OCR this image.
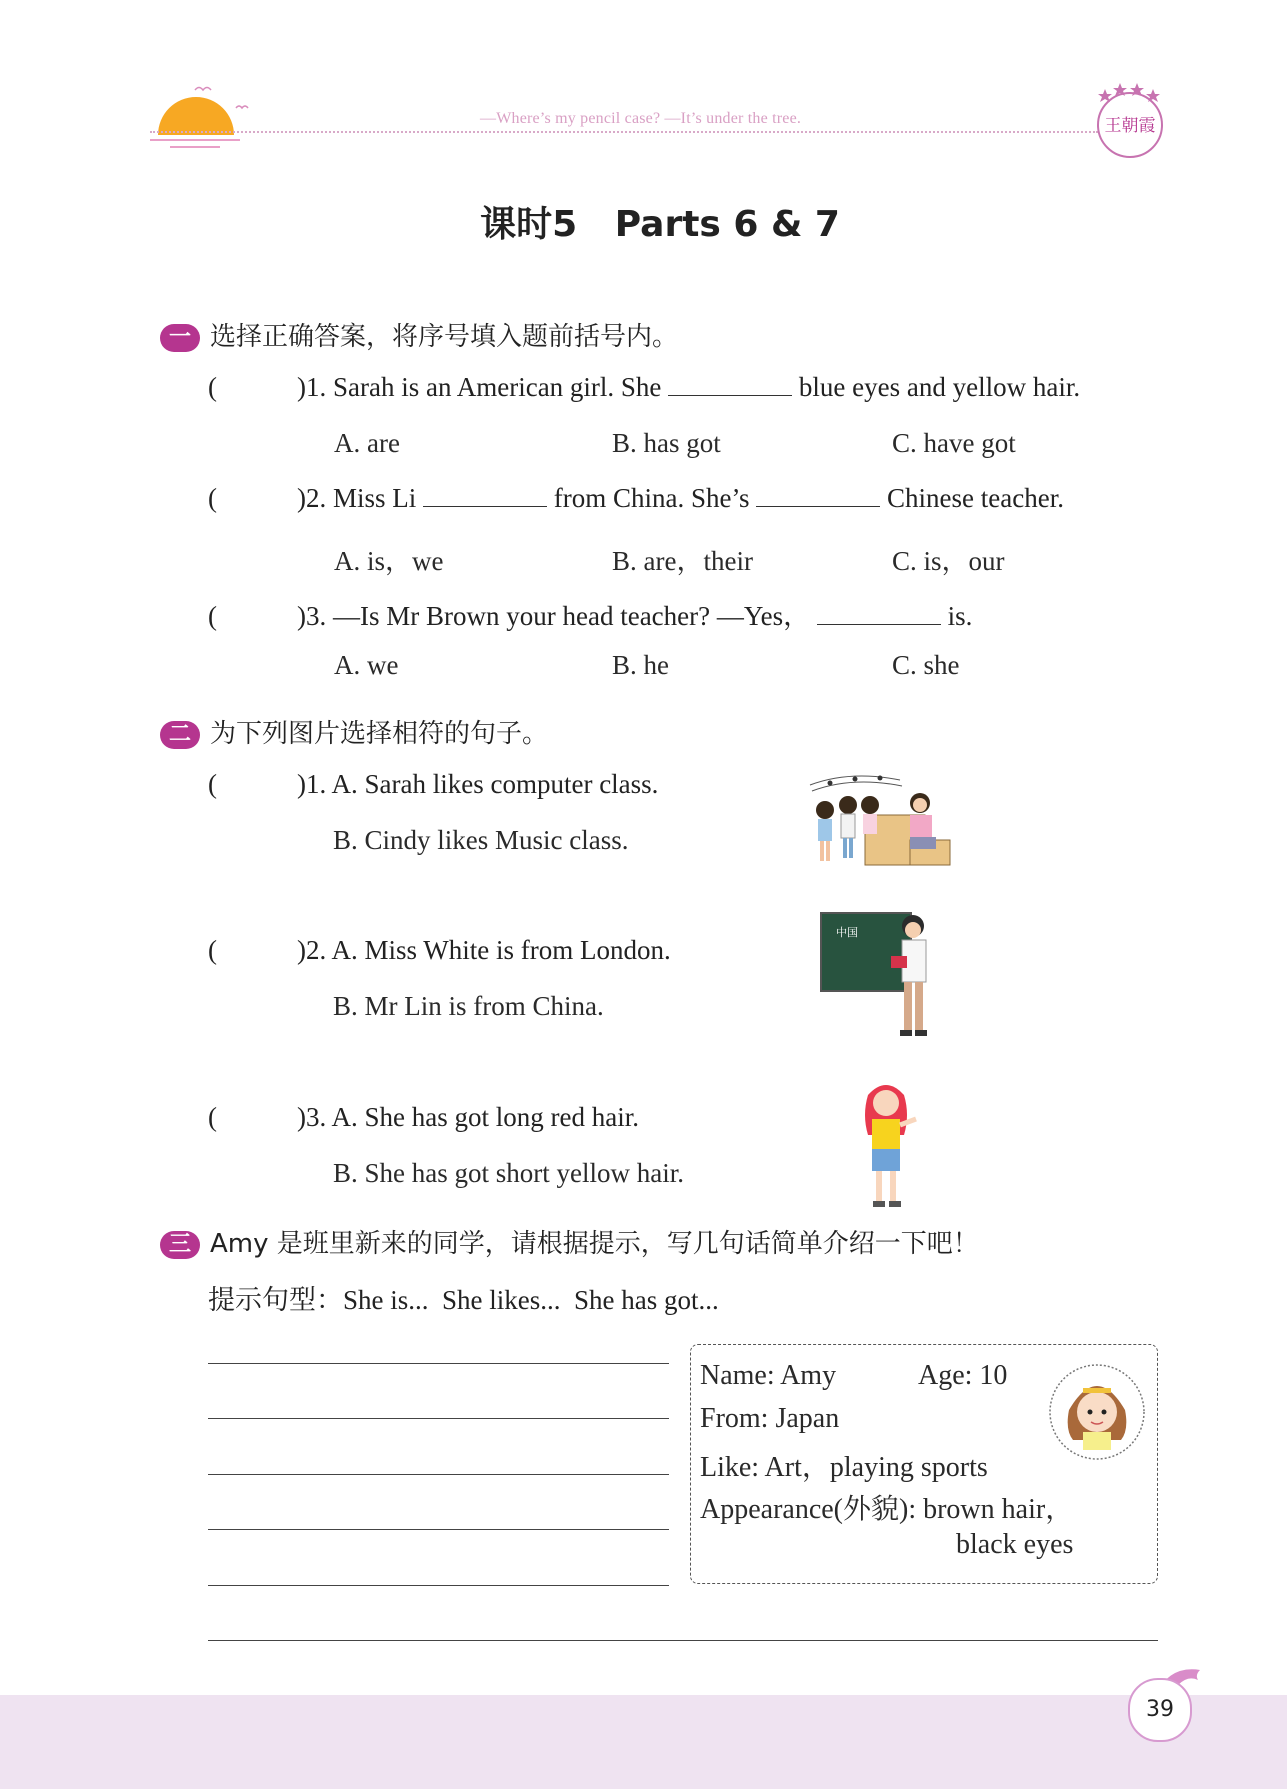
—Where’s my pencil case? —It’s under the tree.	王朝霞
课时5   Parts 6 & 7
一 选择正确答案，将序号填入题前括号内。
(	)1. Sarah is an American girl. She	blue eyes and yellow hair.
A. are	B. has got	C. have got
(	)2. Miss Li	from China. She’s	Chinese teacher.
A. is，we	B. are，their	C. is，our
(	)3. —Is Mr Brown your head teacher? —Yes，	is.
A. we	B. he	C. she
二 为下列图片选择相符的句子。
(	)1. A. Sarah likes computer class.
B. Cindy likes Music class.
(	)2. A. Miss White is from London.
B. Mr Lin is from China.
(	)3. A. She has got long red hair.
B. She has got short yellow hair.
中国
三 Amy 是班里新来的同学，请根据提示，写几句话简单介绍一下吧！
提示句型：She is...  She likes...  She has got...
Name: Amy	Age: 10
From: Japan
Like: Art，playing sports
Appearance(外貌): brown hair，
black eyes
39
